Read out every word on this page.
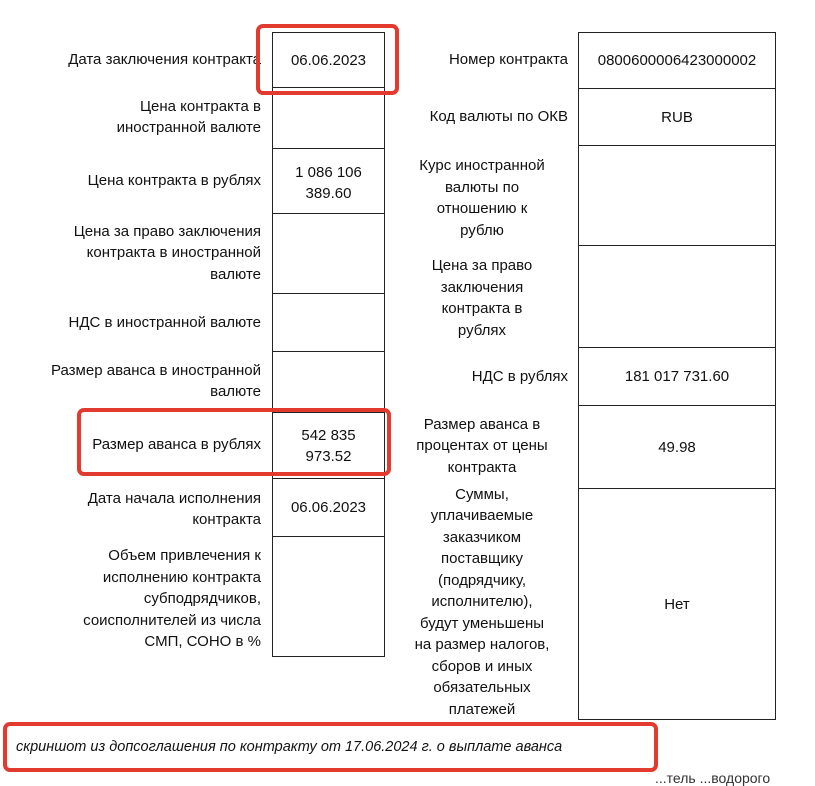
Дата заключения контракта
Цена контракта в
иностранной валюте
Цена контракта в рублях
Цена за право заключения
контракта в иностранной
валюте
НДС в иностранной валюте
Размер аванса в иностранной
валюте
Размер аванса в рублях
Дата начала исполнения
контракта
Объем привлечения к
исполнению контракта
субподрядчиков,
соисполнителей из числа
СМП, СОНО в %
06.06.2023
1 086 106
389.60
542 835
973.52
06.06.2023
Номер контракта
Код валюты по ОКВ
Курс иностранной
валюты по
отношению к
рублю
Цена за право
заключения
контракта в
рублях
НДС в рублях
Размер аванса в
процентах от цены
контракта
Суммы,
уплачиваемые
заказчиком
поставщику
(подрядчику,
исполнителю),
будут уменьшены
на размер налогов,
сборов и иных
обязательных
платежей
0800600006423000002
RUB
181 017 731.60
49.98
Нет
скриншот из допсоглашения по контракту от 17.06.2024 г. о выплате аванса
...тель ...водорого
